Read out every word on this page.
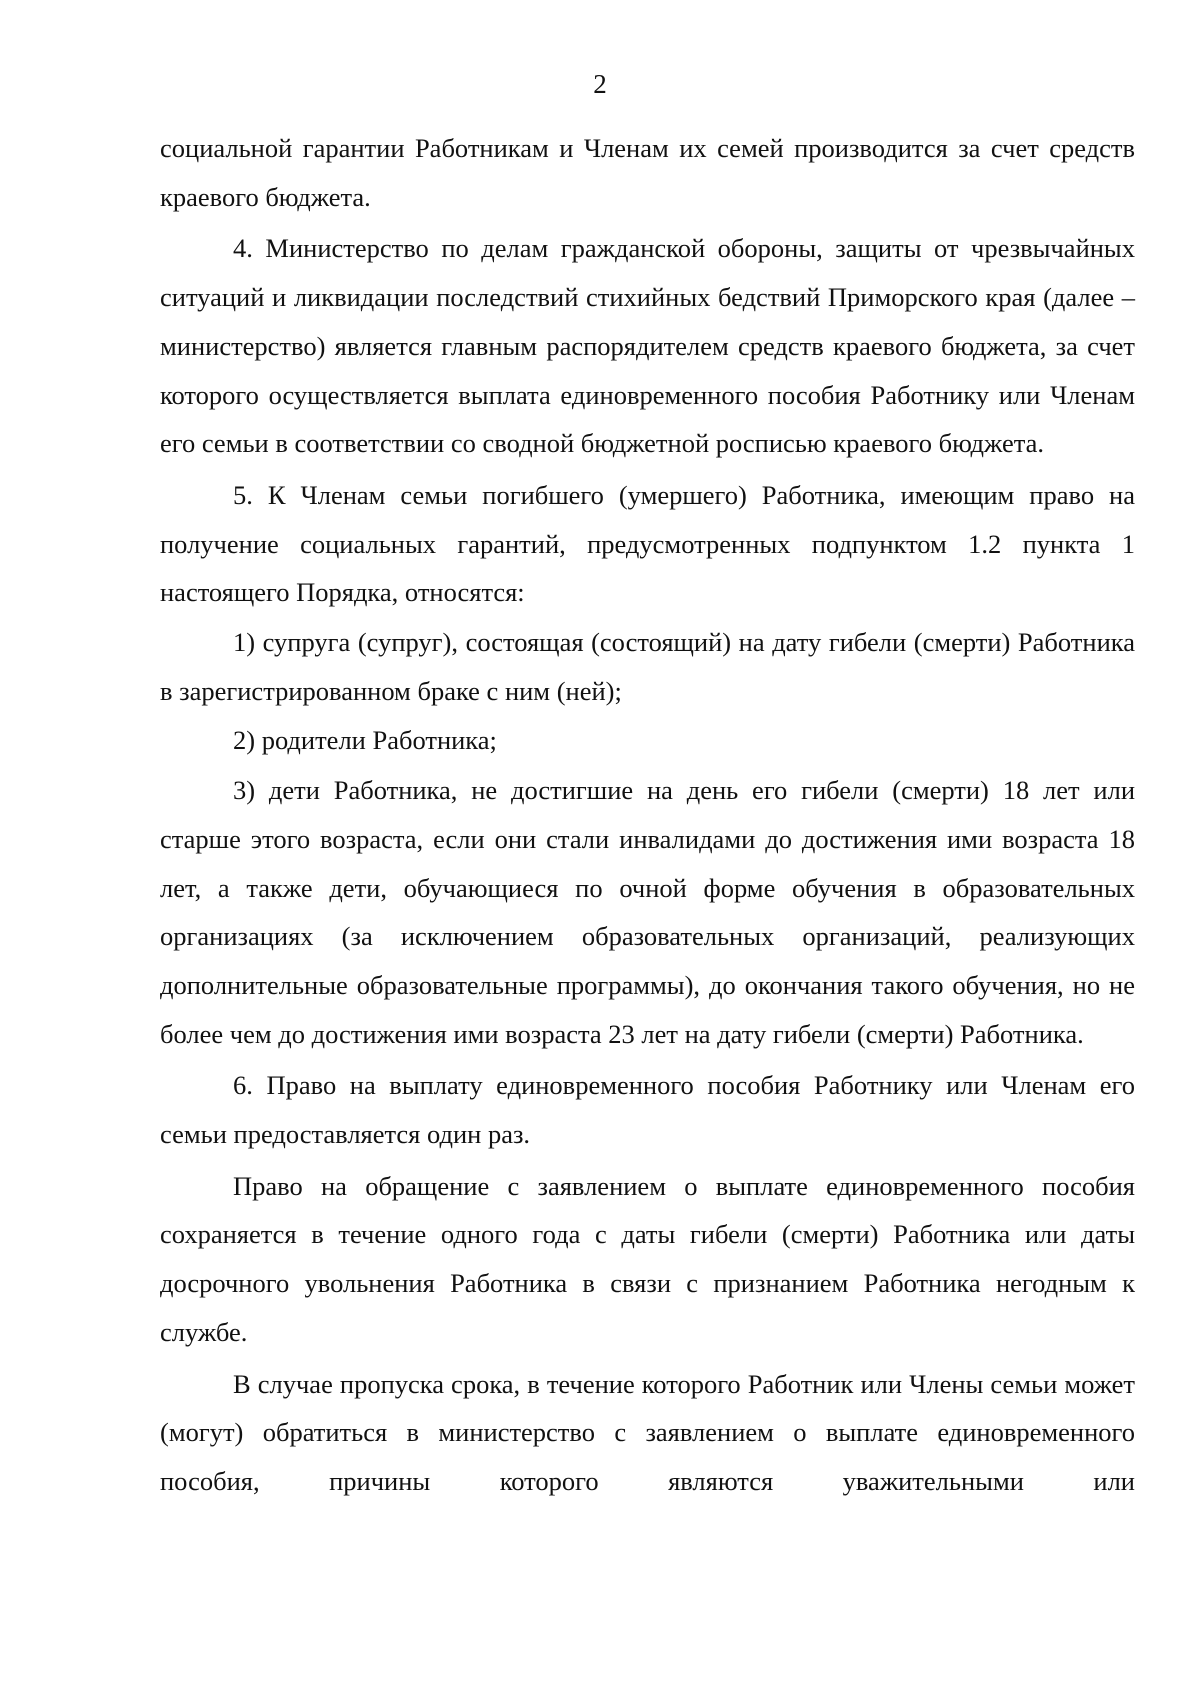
2

социальной гарантии Работникам и Членам их семей производится за счет средств краевого бюджета.

4. Министерство по делам гражданской обороны, защиты от чрезвычайных ситуаций и ликвидации последствий стихийных бедствий Приморского края (далее – министерство) является главным распорядителем средств краевого бюджета, за счет которого осуществляется выплата единовременного пособия Работнику или Членам его семьи в соответствии со сводной бюджетной росписью краевого бюджета.

5. К Членам семьи погибшего (умершего) Работника, имеющим право на получение социальных гарантий, предусмотренных подпунктом 1.2 пункта 1 настоящего Порядка, относятся:

1) супруга (супруг), состоящая (состоящий) на дату гибели (смерти) Работника в зарегистрированном браке с ним (ней);

2) родители Работника;

3) дети Работника, не достигшие на день его гибели (смерти) 18 лет или старше этого возраста, если они стали инвалидами до достижения ими возраста 18 лет, а также дети, обучающиеся по очной форме обучения в образовательных организациях (за исключением образовательных организаций, реализующих дополнительные образовательные программы), до окончания такого обучения, но не более чем до достижения ими возраста 23 лет на дату гибели (смерти) Работника.

6. Право на выплату единовременного пособия Работнику или Членам его семьи предоставляется один раз.

Право на обращение с заявлением о выплате единовременного пособия сохраняется в течение одного года с даты гибели (смерти) Работника или даты досрочного увольнения Работника в связи с признанием Работника негодным к службе.

В случае пропуска срока, в течение которого Работник или Члены семьи может (могут) обратиться в министерство с заявлением о выплате единовременного пособия, причины которого являются уважительными или
